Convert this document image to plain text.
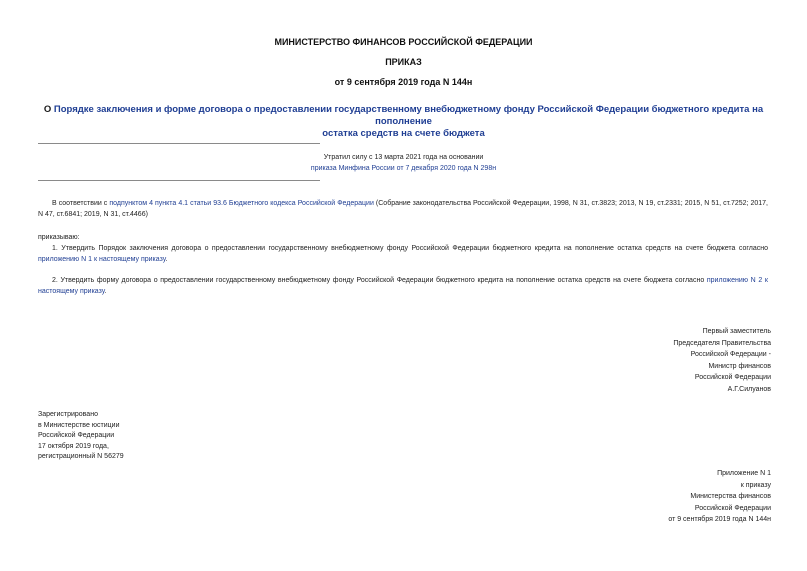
МИНИСТЕРСТВО ФИНАНСОВ РОССИЙСКОЙ ФЕДЕРАЦИИ
ПРИКАЗ
от 9 сентября 2019 года N 144н
О Порядке заключения и форме договора о предоставлении государственному внебюджетному фонду Российской Федерации бюджетного кредита на пополнение
остатка средств на счете бюджета
Утратил силу с 13 марта 2021 года на основании
приказа Минфина России от 7 декабря 2020 года N 298н
В соответствии с подпунктом 4 пункта 4.1 статьи 93.6 Бюджетного кодекса Российской Федерации (Собрание законодательства Российской Федерации, 1998, N 31, ст.3823; 2013, N 19, ст.2331; 2015, N 51, ст.7252; 2017, N 47, ст.6841; 2019, N 31, ст.4466)
приказываю:
1. Утвердить Порядок заключения договора о предоставлении государственному внебюджетному фонду Российской Федерации бюджетного кредита на пополнение остатка средств на счете бюджета согласно приложению N 1 к настоящему приказу.
2. Утвердить форму договора о предоставлении государственному внебюджетному фонду Российской Федерации бюджетного кредита на пополнение остатка средств на счете бюджета согласно приложению N 2 к настоящему приказу.
Первый заместитель
Председателя Правительства
Российской Федерации -
Министр финансов
Российской Федерации
А.Г.Силуанов
Зарегистрировано
в Министерстве юстиции
Российской Федерации
17 октября 2019 года,
регистрационный N 56279
Приложение N 1
к приказу
Министерства финансов
Российской Федерации
от 9 сентября 2019 года N 144н
